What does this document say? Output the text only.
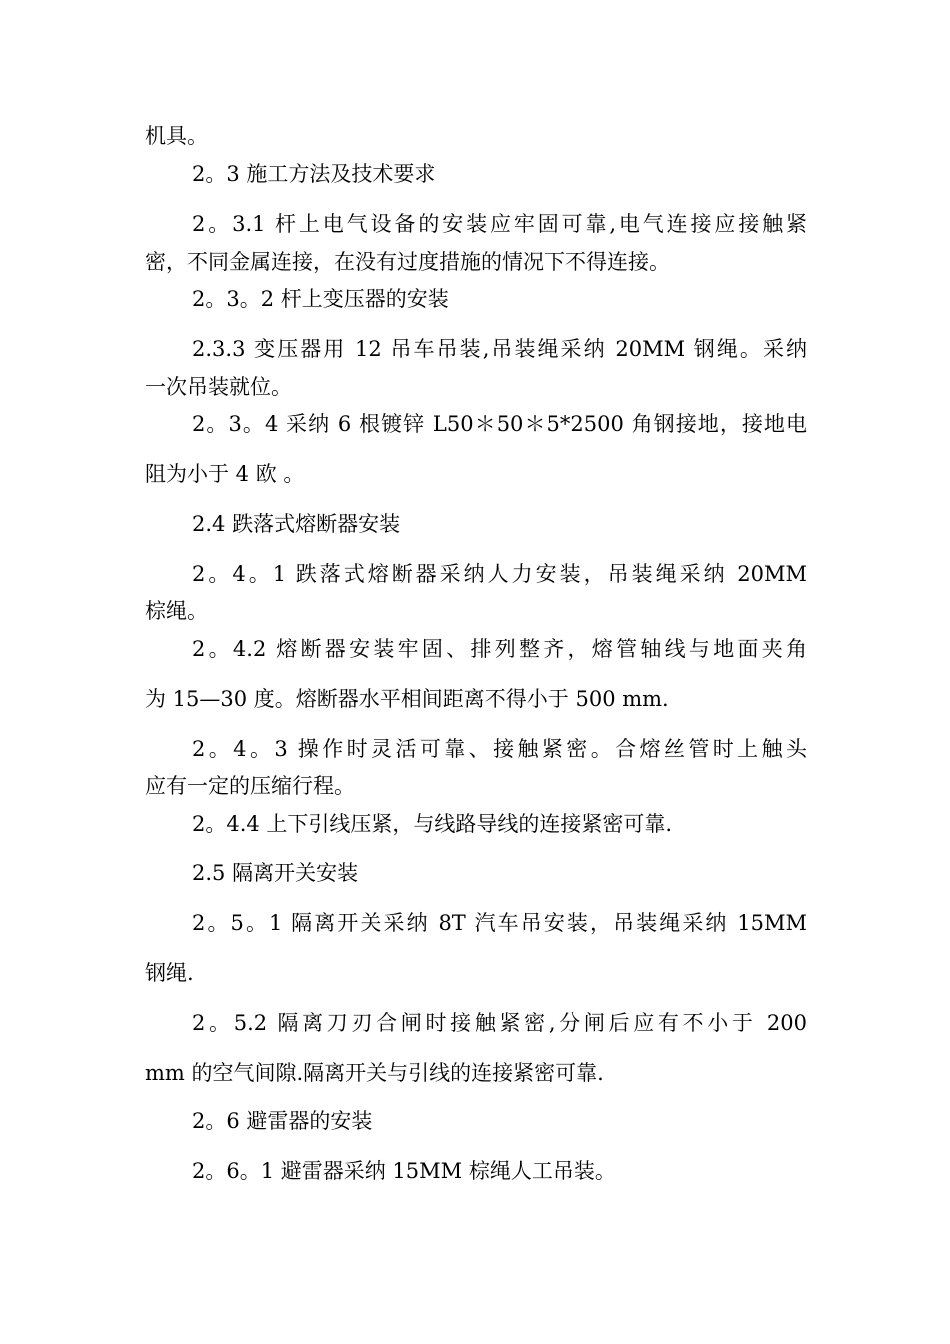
机具。
2。3 施工方法及技术要求
2。3.1 杆上电气设备的安装应牢固可靠,电气连接应接触紧
密，不同金属连接，在没有过度措施的情况下不得连接。
2。3。2 杆上变压器的安装
2.3.3 变压器用 12 吊车吊装,吊装绳采纳 20MM 钢绳。采纳
一次吊装就位。
2。3。4 采纳 6 根镀锌 L50＊50＊5*2500 角钢接地，接地电
阻为小于 4 欧 。
2.4 跌落式熔断器安装
2。4。1 跌落式熔断器采纳人力安装，吊装绳采纳 20MM
棕绳。
2。4.2 熔断器安装牢固、排列整齐，熔管轴线与地面夹角
为 15—30 度。熔断器水平相间距离不得小于 500 mm.
2。4。3 操作时灵活可靠、接触紧密。合熔丝管时上触头
应有一定的压缩行程。
2。4.4 上下引线压紧，与线路导线的连接紧密可靠.
2.5 隔离开关安装
2。5。1 隔离开关采纳 8T 汽车吊安装，吊装绳采纳 15MM
钢绳.
2。5.2 隔离刀刃合闸时接触紧密,分闸后应有不小于 200
mm 的空气间隙.隔离开关与引线的连接紧密可靠.
2。6 避雷器的安装
2。6。1 避雷器采纳 15MM 棕绳人工吊装。
